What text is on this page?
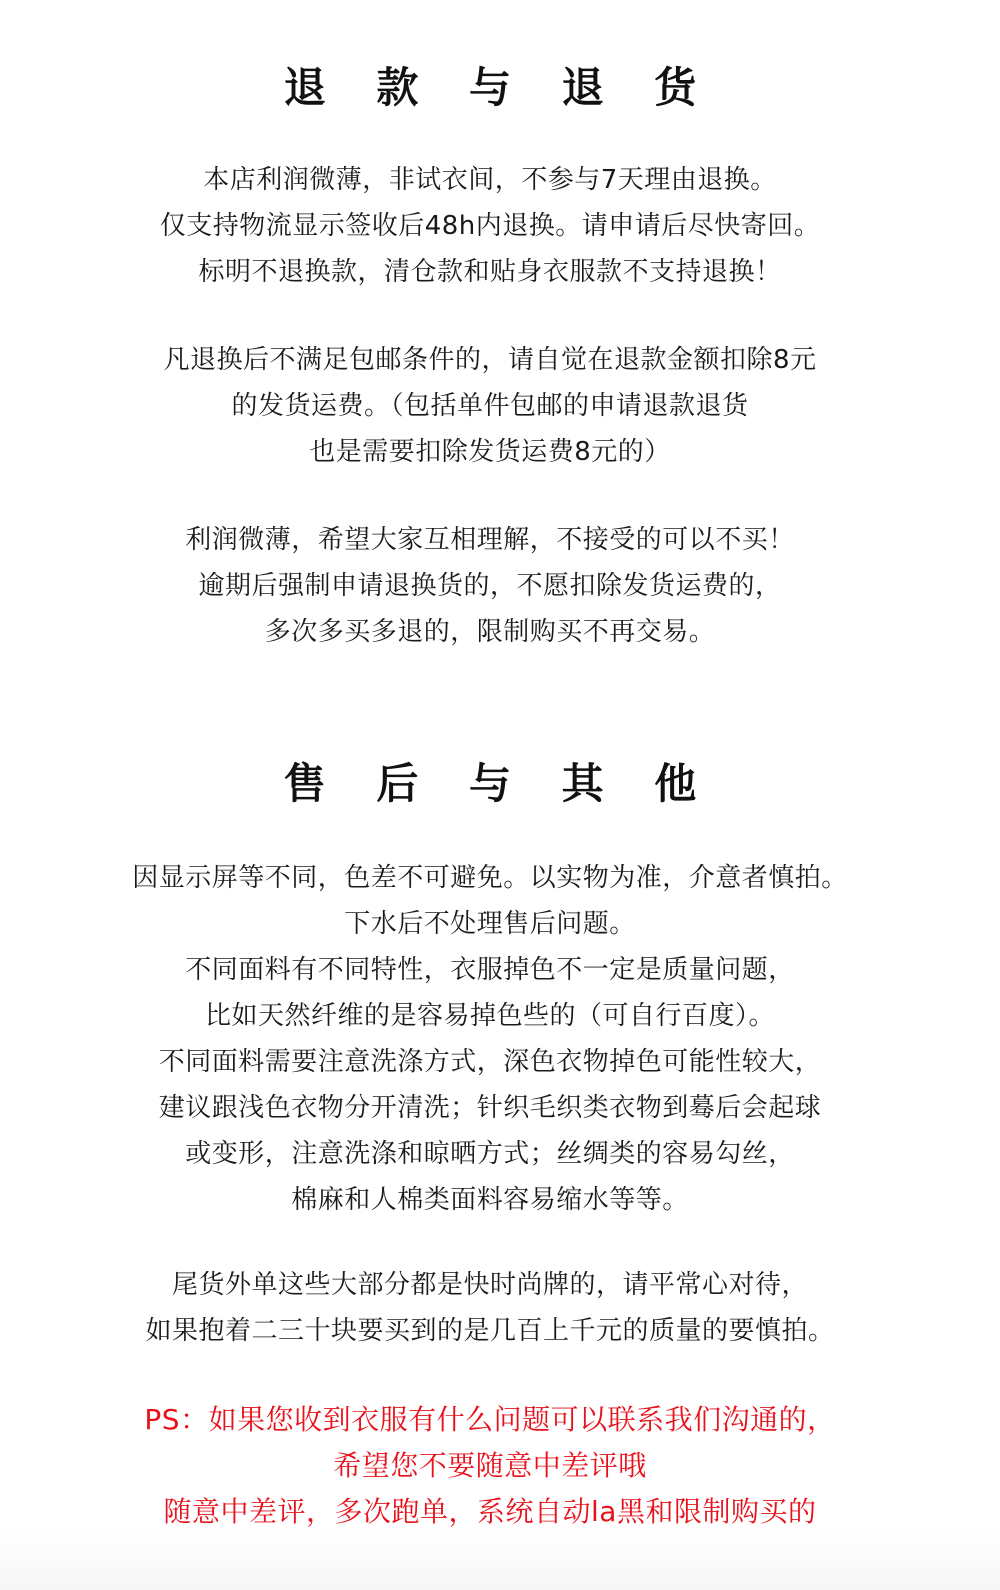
退 款 与 退 货
本店利润微薄，非试衣间，不参与7天理由退换。
仅支持物流显示签收后48h内退换。请申请后尽快寄回。
标明不退换款，清仓款和贴身衣服款不支持退换！
凡退换后不满足包邮条件的，请自觉在退款金额扣除8元
的发货运费。（包括单件包邮的申请退款退货
也是需要扣除发货运费8元的）
利润微薄，希望大家互相理解，不接受的可以不买！
逾期后强制申请退换货的，不愿扣除发货运费的，
多次多买多退的，限制购买不再交易。
售 后 与 其 他
因显示屏等不同，色差不可避免。以实物为准，介意者慎拍。
下水后不处理售后问题。
不同面料有不同特性，衣服掉色不一定是质量问题，
比如天然纤维的是容易掉色些的（可自行百度）。
不同面料需要注意洗涤方式，深色衣物掉色可能性较大，
建议跟浅色衣物分开清洗；针织毛织类衣物到蓦后会起球
或变形，注意洗涤和晾晒方式；丝绸类的容易勾丝，
棉麻和人棉类面料容易缩水等等。
尾货外单这些大部分都是快时尚牌的，请平常心对待，
如果抱着二三十块要买到的是几百上千元的质量的要慎拍。
PS：如果您收到衣服有什么问题可以联系我们沟通的，
希望您不要随意中差评哦
随意中差评，多次跑单，系统自动la黑和限制购买的
